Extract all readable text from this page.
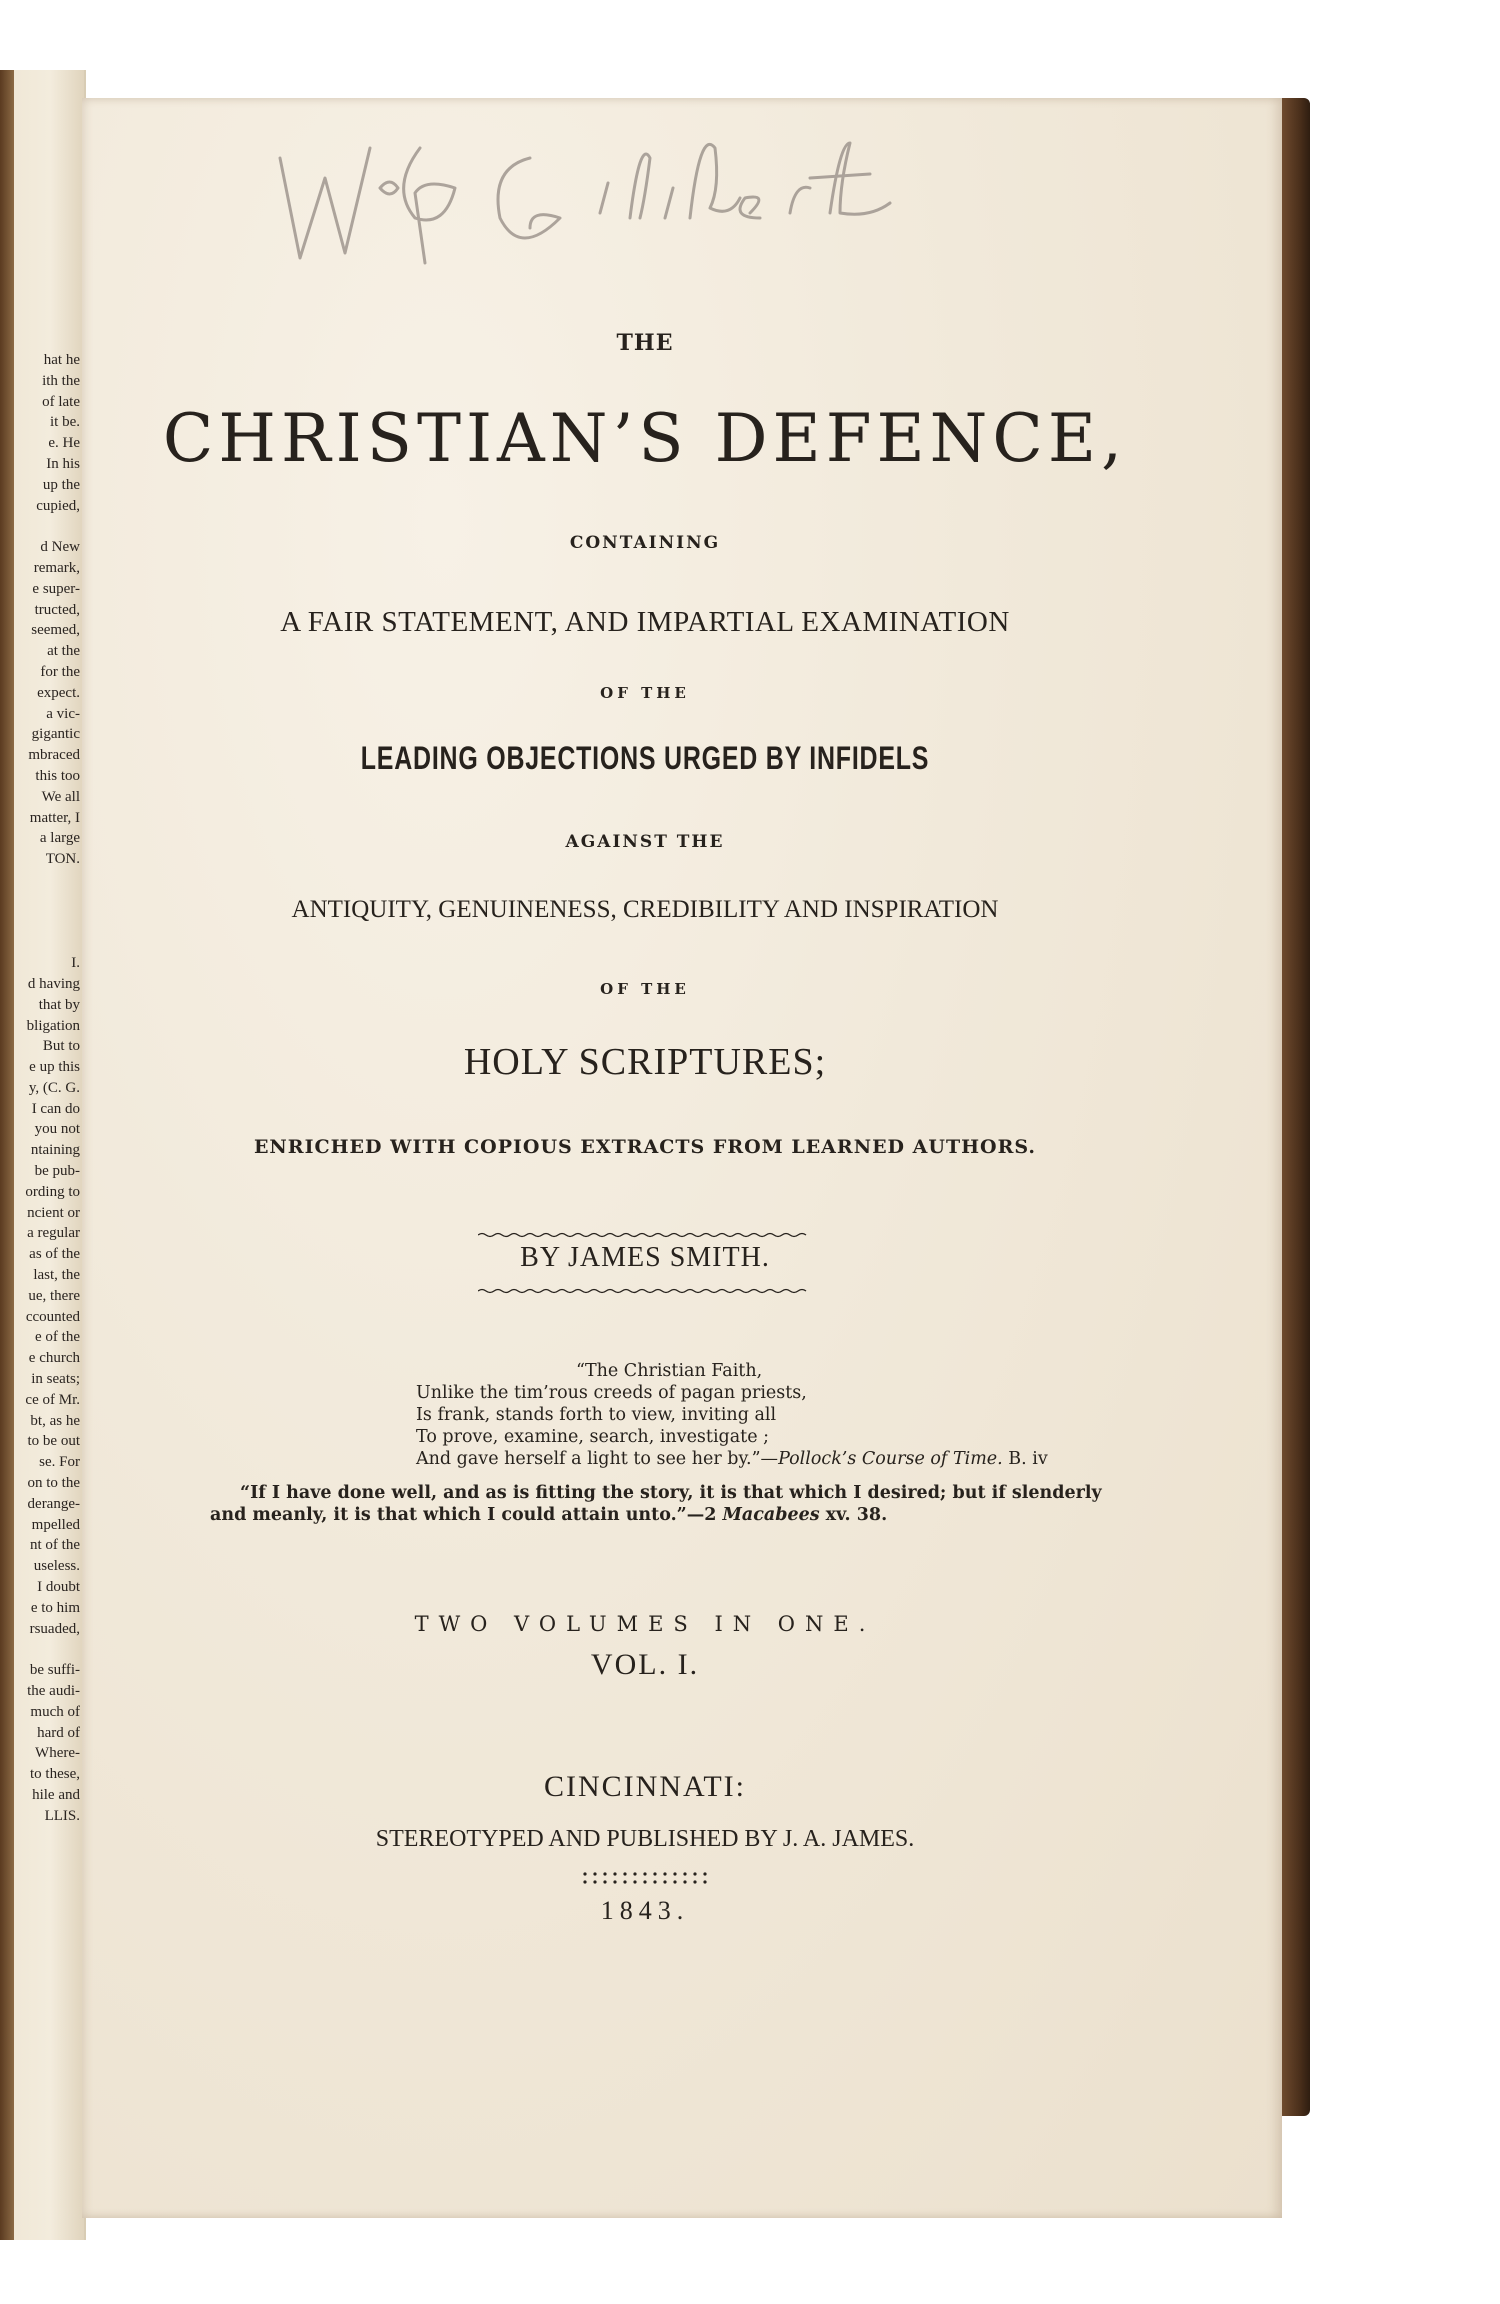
hat he
ith the
of late
it be.
e. He
In his
up the
cupied,

d New
remark,
e super-
tructed,
seemed,
at the
for the
expect.
a vic-
gigantic
mbraced
this too
We all
matter, I
a large
TON.

I.
d having
that by
bligation
But to
e up this
y, (C. G.
I can do
you not
ntaining
be pub-
ording to
ncient or
a regular
as of the
last, the
ue, there
ccounted
e of the
e church
in seats;
ce of Mr.
bt, as he
to be out
se. For
on to the
derange-
mpelled
nt of the
useless.
I doubt
e to him
rsuaded,

be suffi-
the audi-
much of
hard of
Where-
to these,
hile and
LLIS.
THE
CHRISTIAN’S DEFENCE,
CONTAINING
A FAIR STATEMENT, AND IMPARTIAL EXAMINATION
OF THE
LEADING OBJECTIONS URGED BY INFIDELS
AGAINST THE
ANTIQUITY, GENUINENESS, CREDIBILITY AND INSPIRATION
OF THE
HOLY SCRIPTURES;
ENRICHED WITH COPIOUS EXTRACTS FROM LEARNED AUTHORS.
BY JAMES SMITH.
“The Christian Faith,
Unlike the tim’rous creeds of pagan priests,
Is frank, stands forth to view, inviting all
To prove, examine, search, investigate ;
And gave herself a light to see her by.”—Pollock’s Course of Time. B. iv
“If I have done well, and as is fitting the story, it is that which I desired; but if slenderly
and meanly, it is that which I could attain unto.”—2 Macabees xv. 38.
TWO VOLUMES IN ONE.
VOL. I.
CINCINNATI:
STEREOTYPED AND PUBLISHED BY J. A. JAMES.
1843.
